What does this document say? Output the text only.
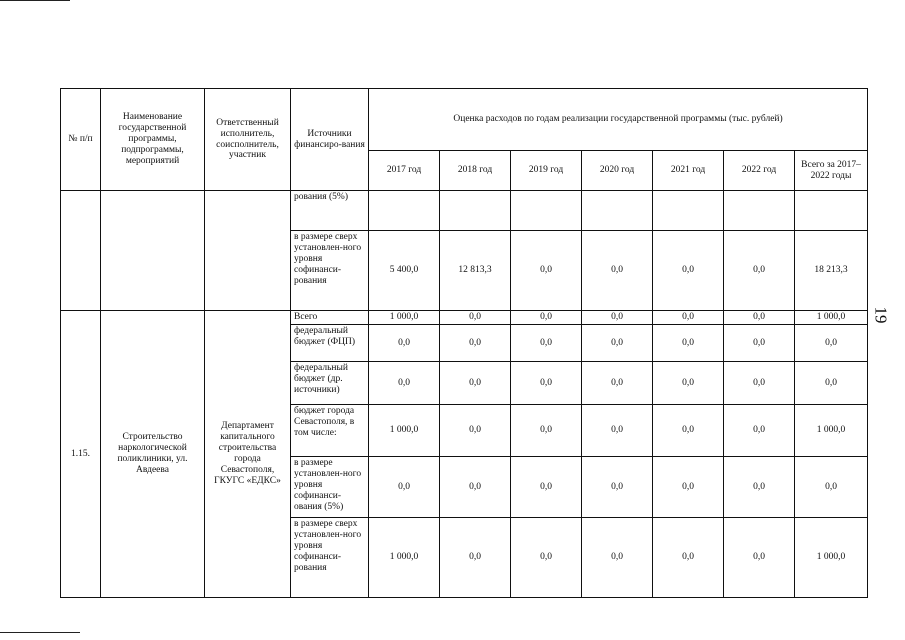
19
№ п/п	Наименование государственной программы, подпрограммы, мероприятий	Ответственный исполнитель, соисполнитель, участник	Источники финансиро-вания	Оценка расходов по годам реализации государственной программы (тыс. рублей)						
				2017 год	2018 год	2019 год	2020 год	2021 год	2022 год	Всего за 2017–2022 годы
			рования (5%)							
			в размере сверх установлен-ного уровня софинанси-рования	5 400,0	12 813,3	0,0	0,0	0,0	0,0	18 213,3
1.15.	Строительство наркологической поликлиники, ул. Авдеева	Департамент капитального строительства города Севастополя, ГКУГС «ЕДКС»	Всего	1 000,0	0,0	0,0	0,0	0,0	0,0	1 000,0
			федеральный бюджет (ФЦП)	0,0	0,0	0,0	0,0	0,0	0,0	0,0
			федеральный бюджет (др. источники)	0,0	0,0	0,0	0,0	0,0	0,0	0,0
			бюджет города Севастополя, в том числе:	1 000,0	0,0	0,0	0,0	0,0	0,0	1 000,0
			в размере установлен-ного уровня софинанси-ования (5%)	0,0	0,0	0,0	0,0	0,0	0,0	0,0
			в размере сверх установлен-ного уровня софинанси-рования	1 000,0	0,0	0,0	0,0	0,0	0,0	1 000,0
